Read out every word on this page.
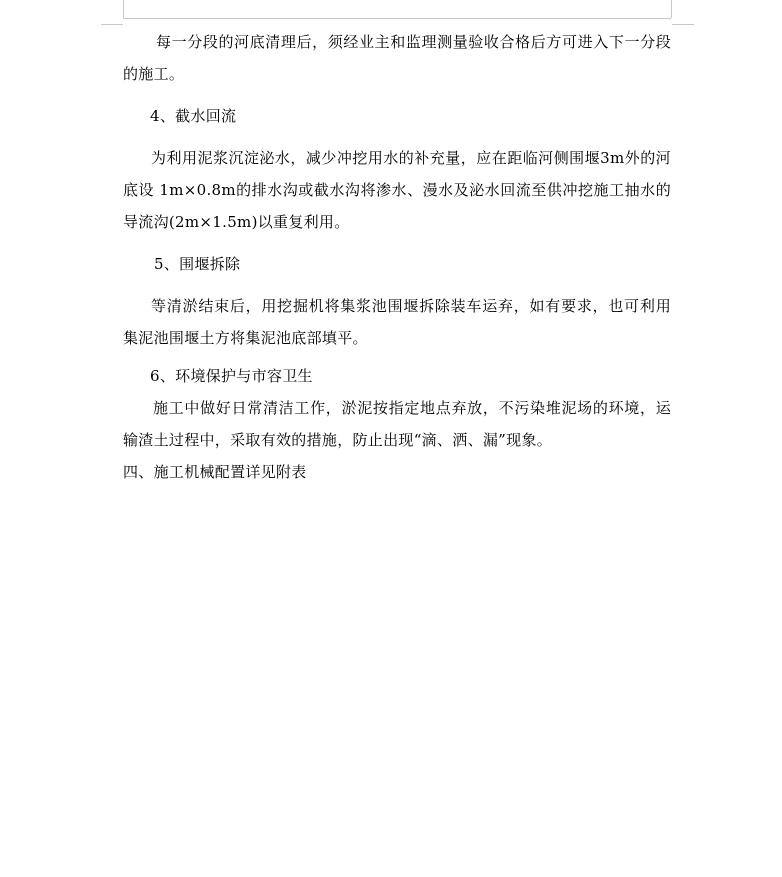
每一分段的河底清理后，须经业主和监理测量验收合格后方可进入下一分段的施工。

4、截水回流

为利用泥浆沉淀泌水，减少冲挖用水的补充量，应在距临河侧围堰3m外的河底设 1m×0.8m的排水沟或截水沟将渗水、漫水及泌水回流至供冲挖施工抽水的导流沟(2m×1.5m)以重复利用。

5、围堰拆除

等清淤结束后，用挖掘机将集浆池围堰拆除装车运弃，如有要求，也可利用集泥池围堰土方将集泥池底部填平。

6、环境保护与市容卫生

施工中做好日常清洁工作，淤泥按指定地点弃放，不污染堆泥场的环境，运输渣土过程中，采取有效的措施，防止出现“滴、洒、漏”现象。

四、施工机械配置详见附表
